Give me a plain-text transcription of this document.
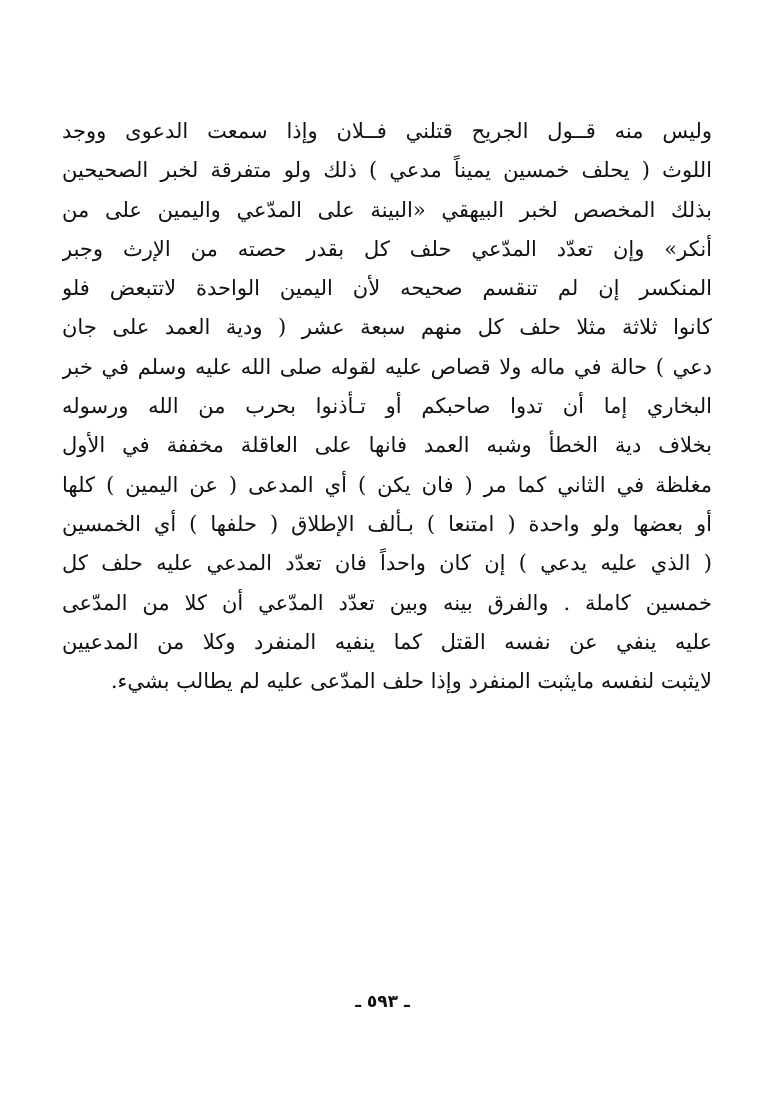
وليس منه قــول الجريح قتلني فــلان وإذا سمعت الدعوى ووجد
اللوث ( يحلف خمسين يميناً مدعي ) ذلك ولو متفرقة لخبر الصحيحين
بذلك المخصص لخبر البيهقي «البينة على المدّعي واليمين على من
أنكر» وإن تعدّد المدّعي حلف كل بقدر حصته من الإرث وجبر
المنكسر إن لم تنقسم صحيحه لأن اليمين الواحدة لاتتبعض فلو
كانوا ثلاثة مثلا حلف كل منهم سبعة عشر ( ودية العمد على جان
دعي ) حالة في ماله ولا قصاص عليه لقوله صلى الله عليه وسلم في خبر
البخاري إما أن تدوا صاحبكم أو تـأذنوا بحرب من الله ورسوله
بخلاف دية الخطأ وشبه العمد فانها على العاقلة مخففة في الأول
مغلظة في الثاني كما مر ( فان يكن ) أي المدعى ( عن اليمين ) كلها
أو بعضها ولو واحدة ( امتنعا ) بـألف الإطلاق ( حلفها ) أي الخمسين
( الذي عليه يدعي ) إن كان واحداً فان تعدّد المدعي عليه حلف كل
خمسين كاملة . والفرق بينه وبين تعدّد المدّعي أن كلا من المدّعى
عليه ينفي عن نفسه القتل كما ينفيه المنفرد وكلا من المدعيين
لايثبت لنفسه مايثبت المنفرد وإذا حلف المدّعى عليه لم يطالب بشيء.
ـ ٥٩٣ ـ
